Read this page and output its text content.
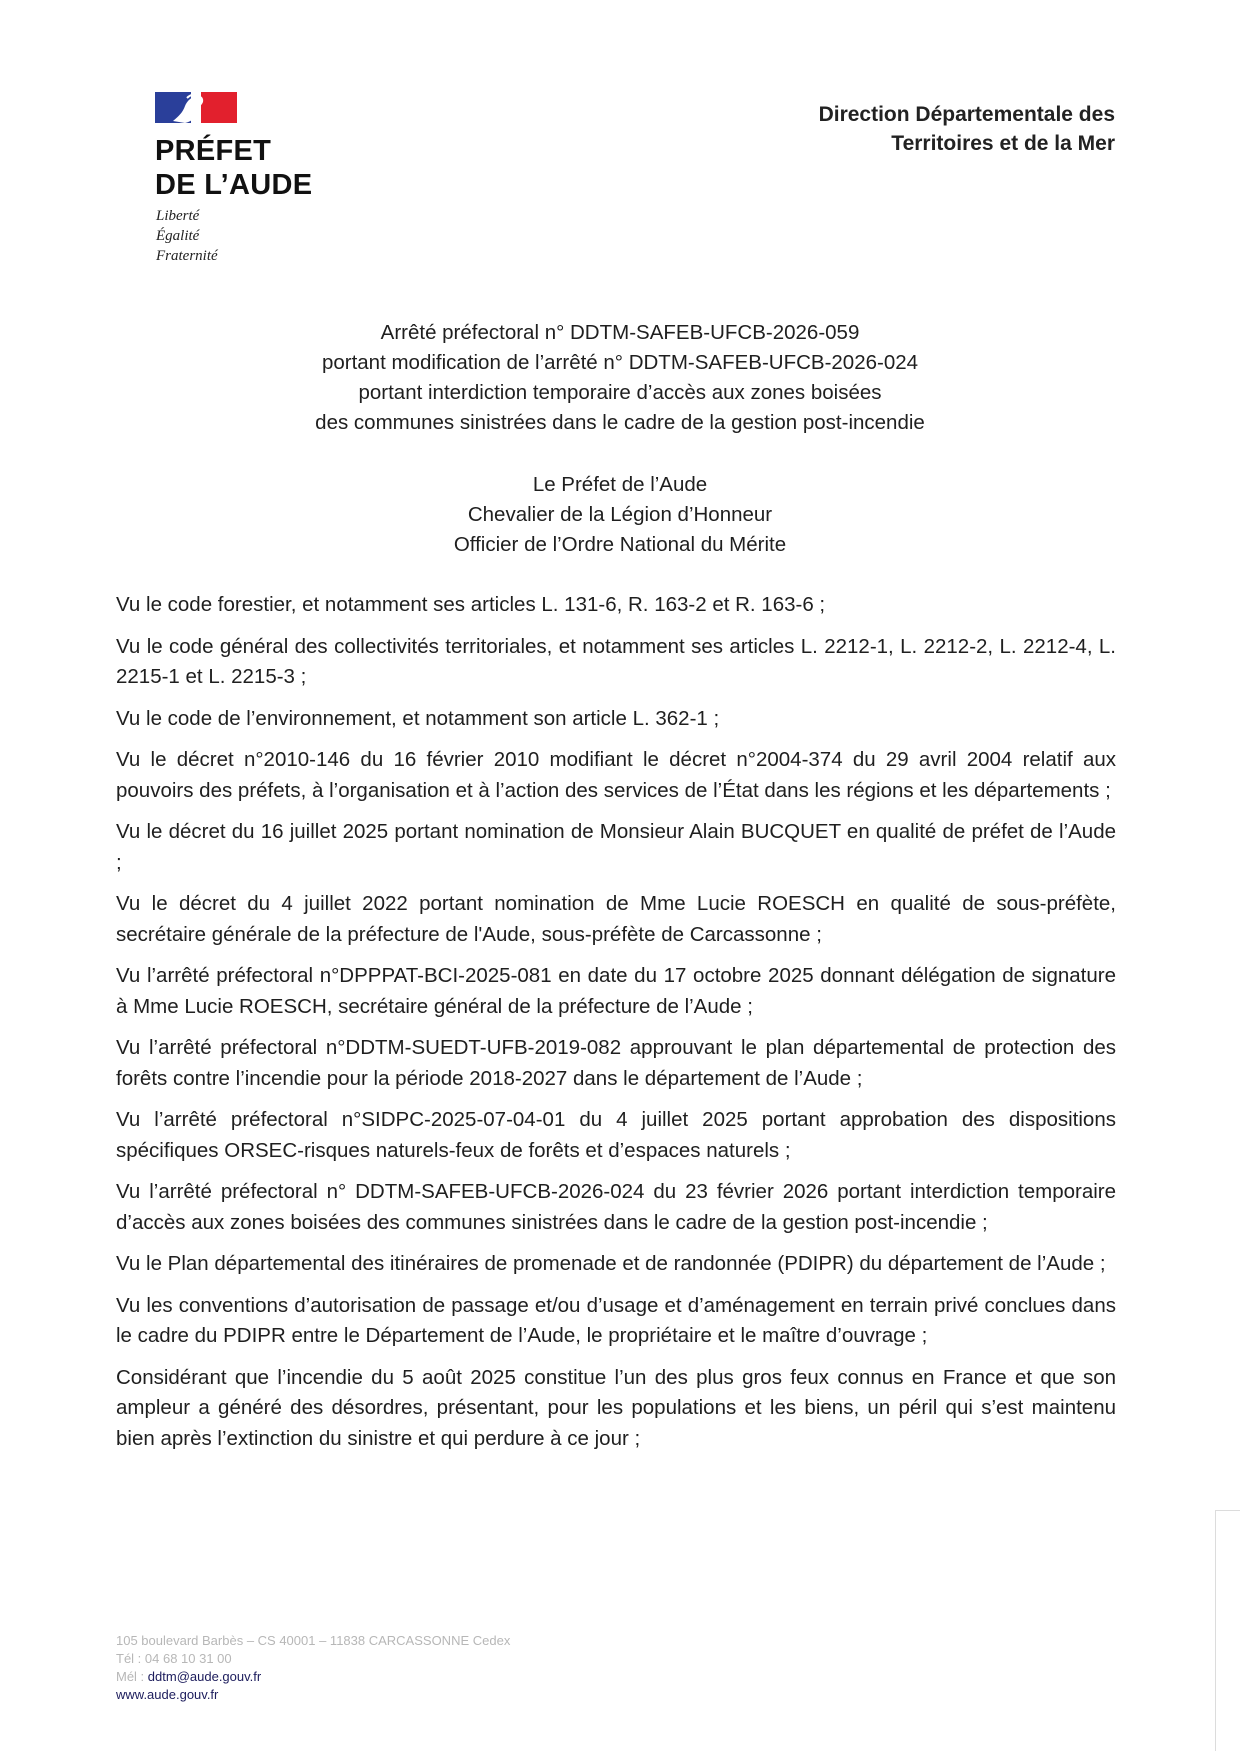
PRÉFET
DE L’AUDE
Liberté
Égalité
Fraternité
Direction Départementale des
Territoires et de la Mer
Arrêté préfectoral n° DDTM-SAFEB-UFCB-2026-059
portant modification de l’arrêté n° DDTM-SAFEB-UFCB-2026-024
portant interdiction temporaire d’accès aux zones boisées
des communes sinistrées dans le cadre de la gestion post-incendie
Le Préfet de l’Aude
Chevalier de la Légion d’Honneur
Officier de l’Ordre National du Mérite

Vu le code forestier, et notamment ses articles L. 131-6, R. 163-2 et R. 163-6 ;

Vu le code général des collectivités territoriales, et notamment ses articles L. 2212-1, L. 2212-2, L. 2212-4, L. 2215-1 et L. 2215-3 ;

Vu le code de l’environnement, et notamment son article L. 362-1 ;

Vu le décret n°2010-146 du 16 février 2010 modifiant le décret n°2004-374 du 29 avril 2004 relatif aux pouvoirs des préfets, à l’organisation et à l’action des services de l’État dans les régions et les départements ;

Vu le décret du 16 juillet 2025 portant nomination de Monsieur Alain BUCQUET en qualité de préfet de l’Aude ;

Vu le décret du 4 juillet 2022 portant nomination de Mme Lucie ROESCH en qualité de sous-préfète, secrétaire générale de la préfecture de l'Aude, sous-préfète de Carcassonne ;

Vu l’arrêté préfectoral n°DPPPAT-BCI-2025-081 en date du 17 octobre 2025 donnant délégation de signature à Mme Lucie ROESCH, secrétaire général de la préfecture de l’Aude ;

Vu l’arrêté préfectoral n°DDTM-SUEDT-UFB-2019-082 approuvant le plan départemental de protection des forêts contre l’incendie pour la période 2018-2027 dans le département de l’Aude ;

Vu l’arrêté préfectoral n°SIDPC-2025-07-04-01 du 4 juillet 2025 portant approbation des dispositions spécifiques ORSEC-risques naturels-feux de forêts et d’espaces naturels ;

Vu l’arrêté préfectoral n° DDTM-SAFEB-UFCB-2026-024 du 23 février 2026 portant interdiction temporaire d’accès aux zones boisées des communes sinistrées dans le cadre de la gestion post-incendie ;

Vu le Plan départemental des itinéraires de promenade et de randonnée (PDIPR) du département de l’Aude ;

Vu les conventions d’autorisation de passage et/ou d’usage et d’aménagement en terrain privé conclues dans le cadre du PDIPR entre le Département de l’Aude, le propriétaire et le maître d’ouvrage ;

Considérant que l’incendie du 5 août 2025 constitue l’un des plus gros feux connus en France et que son ampleur a généré des désordres, présentant, pour les populations et les biens, un péril qui s’est maintenu bien après l’extinction du sinistre et qui perdure à ce jour ;

105 boulevard Barbès – CS 40001 – 11838 CARCASSONNE Cedex
Tél : 04 68 10 31 00
Mél : ddtm@aude.gouv.fr
www.aude.gouv.fr
